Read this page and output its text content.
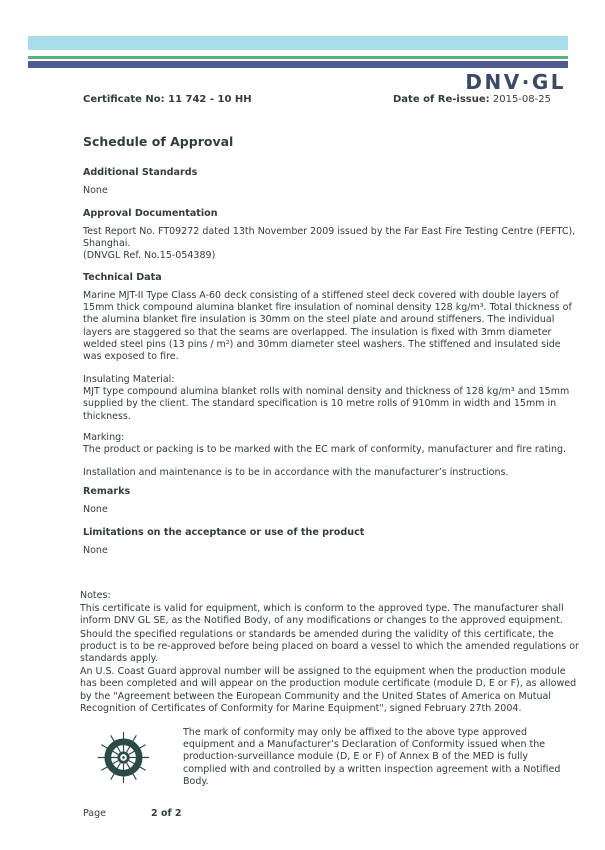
DNV·GL
Certificate No: 11 742 - 10 HH	Date of Re-issue: 2015-08-25
Schedule of Approval
Additional Standards
None
Approval Documentation
Test Report No. FT09272 dated 13th November 2009 issued by the Far East Fire Testing Centre (FEFTC),
Shanghai.
(DNVGL Ref. No.15-054389)
Technical Data
Marine MJT-II Type Class A-60 deck consisting of a stiffened steel deck covered with double layers of
15mm thick compound alumina blanket fire insulation of nominal density 128 kg/m³. Total thickness of
the alumina blanket fire insulation is 30mm on the steel plate and around stiffeners. The individual
layers are staggered so that the seams are overlapped. The insulation is fixed with 3mm diameter
welded steel pins (13 pins / m²) and 30mm diameter steel washers. The stiffened and insulated side
was exposed to fire.
Insulating Material:
MJT type compound alumina blanket rolls with nominal density and thickness of 128 kg/m³ and 15mm
supplied by the client. The standard specification is 10 metre rolls of 910mm in width and 15mm in
thickness.
Marking:
The product or packing is to be marked with the EC mark of conformity, manufacturer and fire rating.
Installation and maintenance is to be in accordance with the manufacturer’s instructions.
Remarks
None
Limitations on the acceptance or use of the product
None
Notes:
This certificate is valid for equipment, which is conform to the approved type. The manufacturer shall
inform DNV GL SE, as the Notified Body, of any modifications or changes to the approved equipment.
Should the specified regulations or standards be amended during the validity of this certificate, the
product is to be re-approved before being placed on board a vessel to which the amended regulations or
standards apply.
An U.S. Coast Guard approval number will be assigned to the equipment when the production module
has been completed and will appear on the production module certificate (module D, E or F), as allowed
by the "Agreement between the European Community and the United States of America on Mutual
Recognition of Certificates of Conformity for Marine Equipment", signed February 27th 2004.
The mark of conformity may only be affixed to the above type approved
equipment and a Manufacturer’s Declaration of Conformity issued when the
production-surveillance module (D, E or F) of Annex B of the MED is fully
complied with and controlled by a written inspection agreement with a Notified
Body.
Page	2 of 2
